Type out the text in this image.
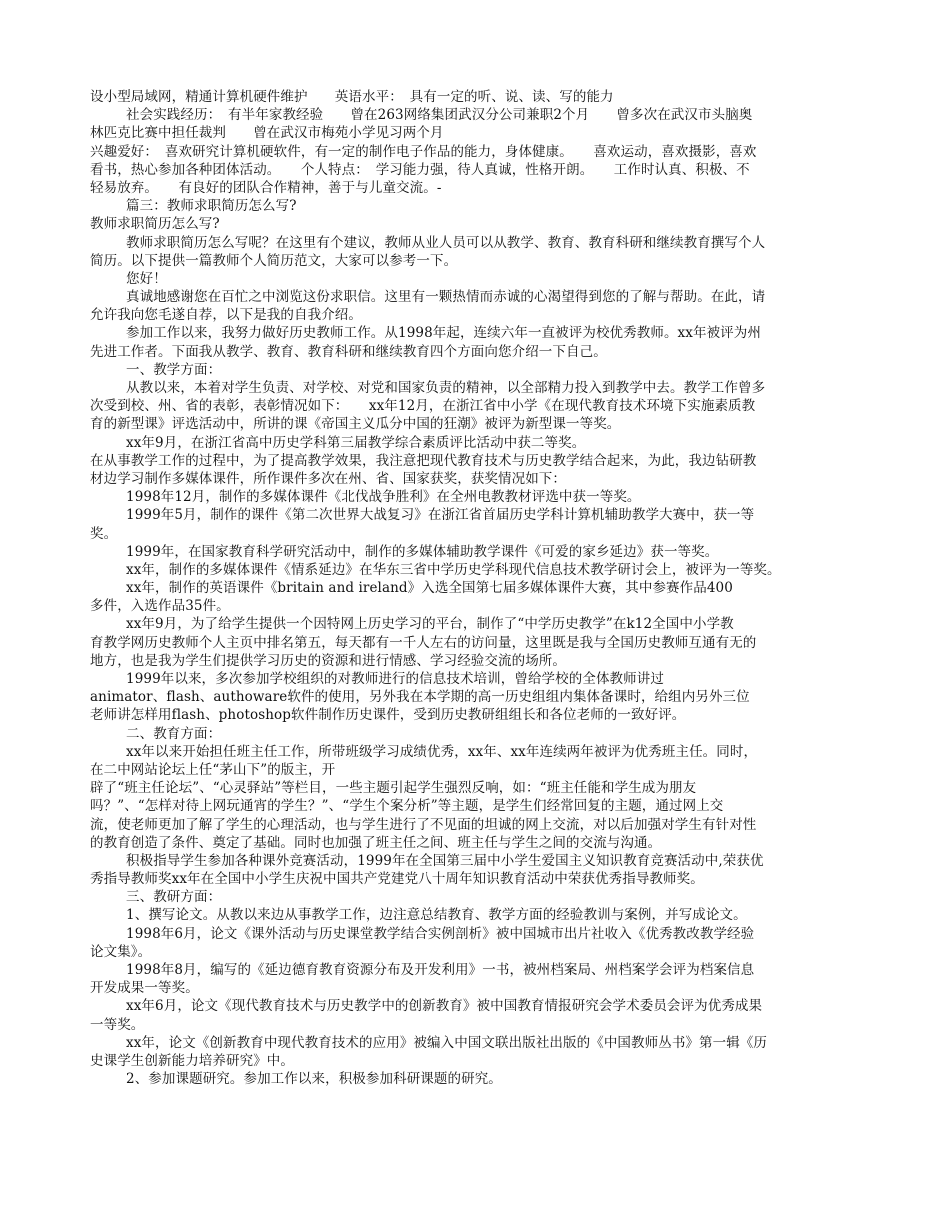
设小型局域网，精通计算机硬件维护　　英语水平：　具有一定的听、说、读、写的能力
社会实践经历：　有半年家教经验　　曾在263网络集团武汉分公司兼职2个月　　曾多次在武汉市头脑奥
林匹克比赛中担任裁判　　曾在武汉市梅苑小学见习两个月
兴趣爱好：　喜欢研究计算机硬软件，有一定的制作电子作品的能力，身体健康。　　喜欢运动，喜欢摄影，喜欢
看书，热心参加各种团体活动。　　个人特点：　学习能力强，待人真诚，性格开朗。　　工作时认真、积极、不
轻易放弃。　　有良好的团队合作精神，善于与儿童交流。-
篇三：教师求职简历怎么写?
教师求职简历怎么写?
教师求职简历怎么写呢？在这里有个建议，教师从业人员可以从教学、教育、教育科研和继续教育撰写个人
简历。以下提供一篇教师个人简历范文，大家可以参考一下。
您好！
真诚地感谢您在百忙之中浏览这份求职信。这里有一颗热情而赤诚的心渴望得到您的了解与帮助。在此，请
允许我向您毛遂自荐，以下是我的自我介绍。
参加工作以来，我努力做好历史教师工作。从1998年起，连续六年一直被评为校优秀教师。xx年被评为州
先进工作者。下面我从教学、教育、教育科研和继续教育四个方面向您介绍一下自己。
一、教学方面：
从教以来，本着对学生负责、对学校、对党和国家负责的精神，以全部精力投入到教学中去。教学工作曾多
次受到校、州、省的表彰，表彰情况如下：　　xx年12月，在浙江省中小学《在现代教育技术环境下实施素质教
育的新型课》评选活动中，所讲的课《帝国主义瓜分中国的狂潮》被评为新型课一等奖。
xx年9月，在浙江省高中历史学科第三届教学综合素质评比活动中获二等奖。
在从事教学工作的过程中，为了提高教学效果，我注意把现代教育技术与历史教学结合起来，为此，我边钻研教
材边学习制作多媒体课件，所作课件多次在州、省、国家获奖，获奖情况如下：
1998年12月，制作的多媒体课件《北伐战争胜利》在全州电教教材评选中获一等奖。
1999年5月，制作的课件《第二次世界大战复习》在浙江省首届历史学科计算机辅助教学大赛中，获一等
奖。
1999年，在国家教育科学研究活动中，制作的多媒体辅助教学课件《可爱的家乡延边》获一等奖。
xx年，制作的多媒体课件《情系延边》在华东三省中学历史学科现代信息技术教学研讨会上，被评为一等奖。
xx年，制作的英语课件《britain and ireland》入选全国第七届多媒体课件大赛，其中参赛作品400
多件，入选作品35件。
xx年9月，为了给学生提供一个因特网上历史学习的平台，制作了“中学历史教学”在k12全国中小学教
育教学网历史教师个人主页中排名第五，每天都有一千人左右的访问量，这里既是我与全国历史教师互通有无的
地方，也是我为学生们提供学习历史的资源和进行情感、学习经验交流的场所。
1999年以来，多次参加学校组织的对教师进行的信息技术培训，曾给学校的全体教师讲过
animator、flash、authoware软件的使用，另外我在本学期的高一历史组组内集体备课时，给组内另外三位
老师讲怎样用flash、photoshop软件制作历史课件，受到历史教研组组长和各位老师的一致好评。
二、教育方面：
xx年以来开始担任班主任工作，所带班级学习成绩优秀，xx年、xx年连续两年被评为优秀班主任。同时，
在二中网站论坛上任“茅山下”的版主，开
辟了“班主任论坛”、“心灵驿站”等栏目，一些主题引起学生强烈反响，如：“班主任能和学生成为朋友
吗？”、“怎样对待上网玩通宵的学生？”、“学生个案分析”等主题，是学生们经常回复的主题，通过网上交
流，使老师更加了解了学生的心理活动，也与学生进行了不见面的坦诚的网上交流，对以后加强对学生有针对性
的教育创造了条件、奠定了基础。同时也加强了班主任之间、班主任与学生之间的交流与沟通。
积极指导学生参加各种课外竞赛活动，1999年在全国第三届中小学生爱国主义知识教育竞赛活动中,荣获优
秀指导教师奖xx年在全国中小学生庆祝中国共产党建党八十周年知识教育活动中荣获优秀指导教师奖。
三、教研方面：
1、撰写论文。从教以来边从事教学工作，边注意总结教育、教学方面的经验教训与案例，并写成论文。
1998年6月，论文《课外活动与历史课堂教学结合实例剖析》被中国城市出片社收入《优秀教改教学经验
论文集》。
1998年8月，编写的《延边德育教育资源分布及开发利用》一书，被州档案局、州档案学会评为档案信息
开发成果一等奖。
xx年6月，论文《现代教育技术与历史教学中的创新教育》被中国教育情报研究会学术委员会评为优秀成果
一等奖。
xx年，论文《创新教育中现代教育技术的应用》被编入中国文联出版社出版的《中国教师丛书》第一辑《历
史课学生创新能力培养研究》中。
2、参加课题研究。参加工作以来，积极参加科研课题的研究。
